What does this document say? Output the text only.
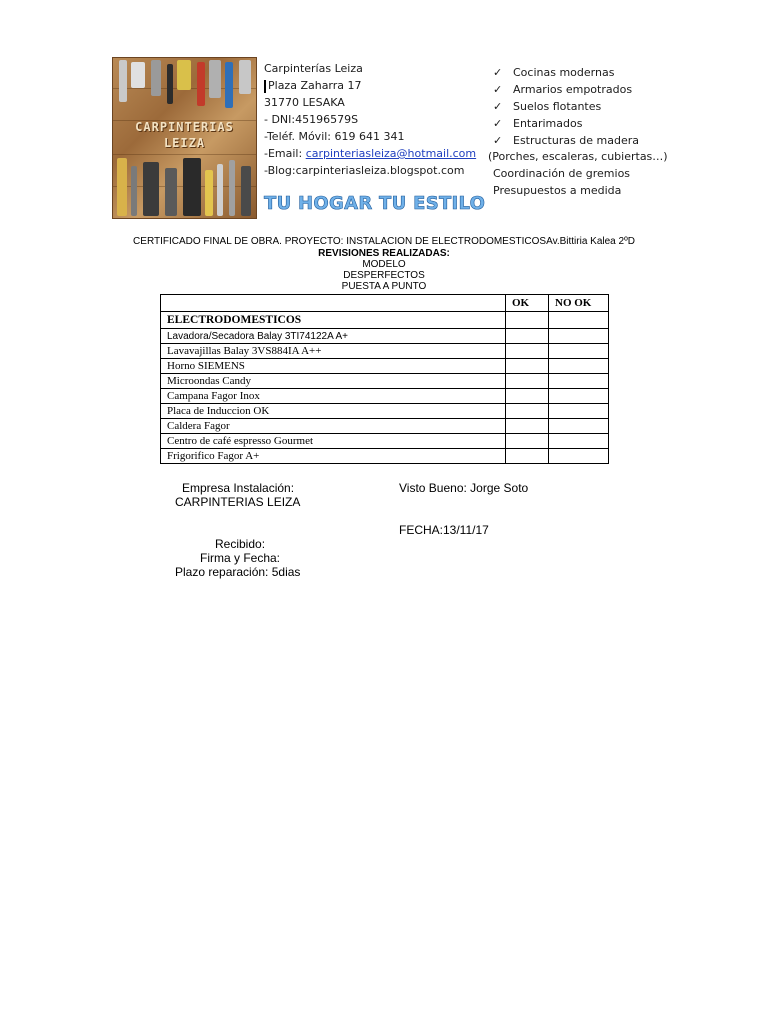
CARPINTERIAS
LEIZA
Carpinterías Leiza
Plaza Zaharra 17
31770 LESAKA
- DNI:45196579S
-Teléf. Móvil: 619 641 341
-Email: carpinteriasleiza@hotmail.com
-Blog:carpinteriasleiza.blogspot.com
TU HOGAR TU ESTILO
✓ Cocinas modernas
✓ Armarios empotrados
✓ Suelos flotantes
✓ Entarimados
✓ Estructuras de madera
(Porches, escaleras, cubiertas…)
Coordinación de gremios
Presupuestos a medida
CERTIFICADO FINAL DE OBRA. PROYECTO: INSTALACION DE ELECTRODOMESTICOSAv.Bittiria Kalea 2ºD
REVISIONES REALIZADAS:
MODELO
DESPERFECTOS
PUESTA A PUNTO
	OK	NO OK
ELECTRODOMESTICOS		
Lavadora/Secadora Balay 3TI74122A A+		
Lavavajillas Balay 3VS884IA A++		
Horno SIEMENS		
Microondas Candy		
Campana Fagor Inox		
Placa de Induccion OK		
Caldera Fagor		
Centro de café espresso Gourmet		
Frigorifico Fagor A+		
Empresa Instalación:
CARPINTERIAS LEIZA
Visto Bueno: Jorge Soto
FECHA:13/11/17
Recibido:
Firma y Fecha:
Plazo reparación: 5dias
